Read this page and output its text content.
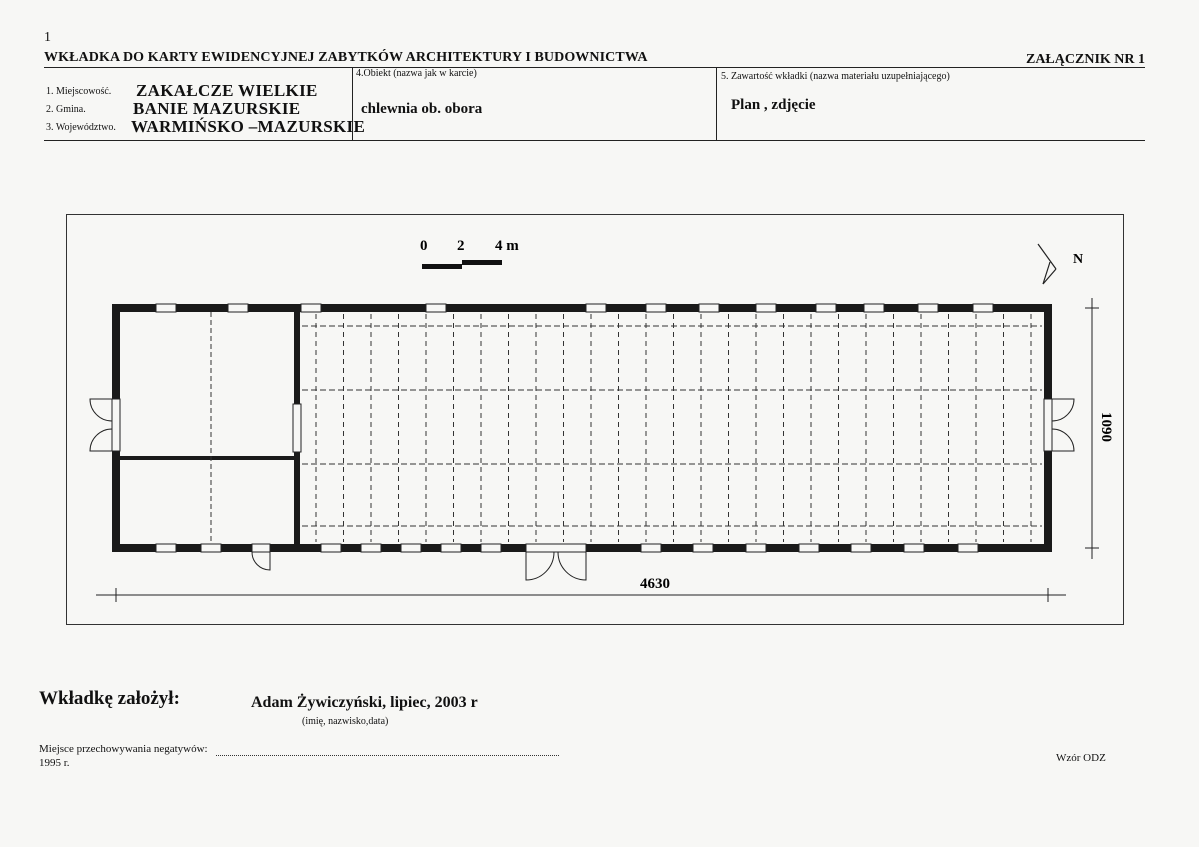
1
WKŁADKA DO KARTY EWIDENCYJNEJ ZABYTKÓW ARCHITEKTURY I BUDOWNICTWA	ZAŁĄCZNIK NR 1
1. Miejscowość. ZAKAŁCZE WIELKIE
2. Gmina.	BANIE MAZURSKIE
3. Województwo. WARMIŃSKO –MAZURSKIE
4.Obiekt (nazwa jak w karcie)
chlewnia ob. obora
5. Zawartość wkładki (nazwa materiału uzupełniającego)
Plan , zdjęcie
0 2 4 m
N
4630
1090
Wkładkę założył:	Adam Żywiczyński, lipiec, 2003 r
(imię, nazwisko,data)
Miejsce przechowywania negatywów:
1995 r.	Wzór ODZ
